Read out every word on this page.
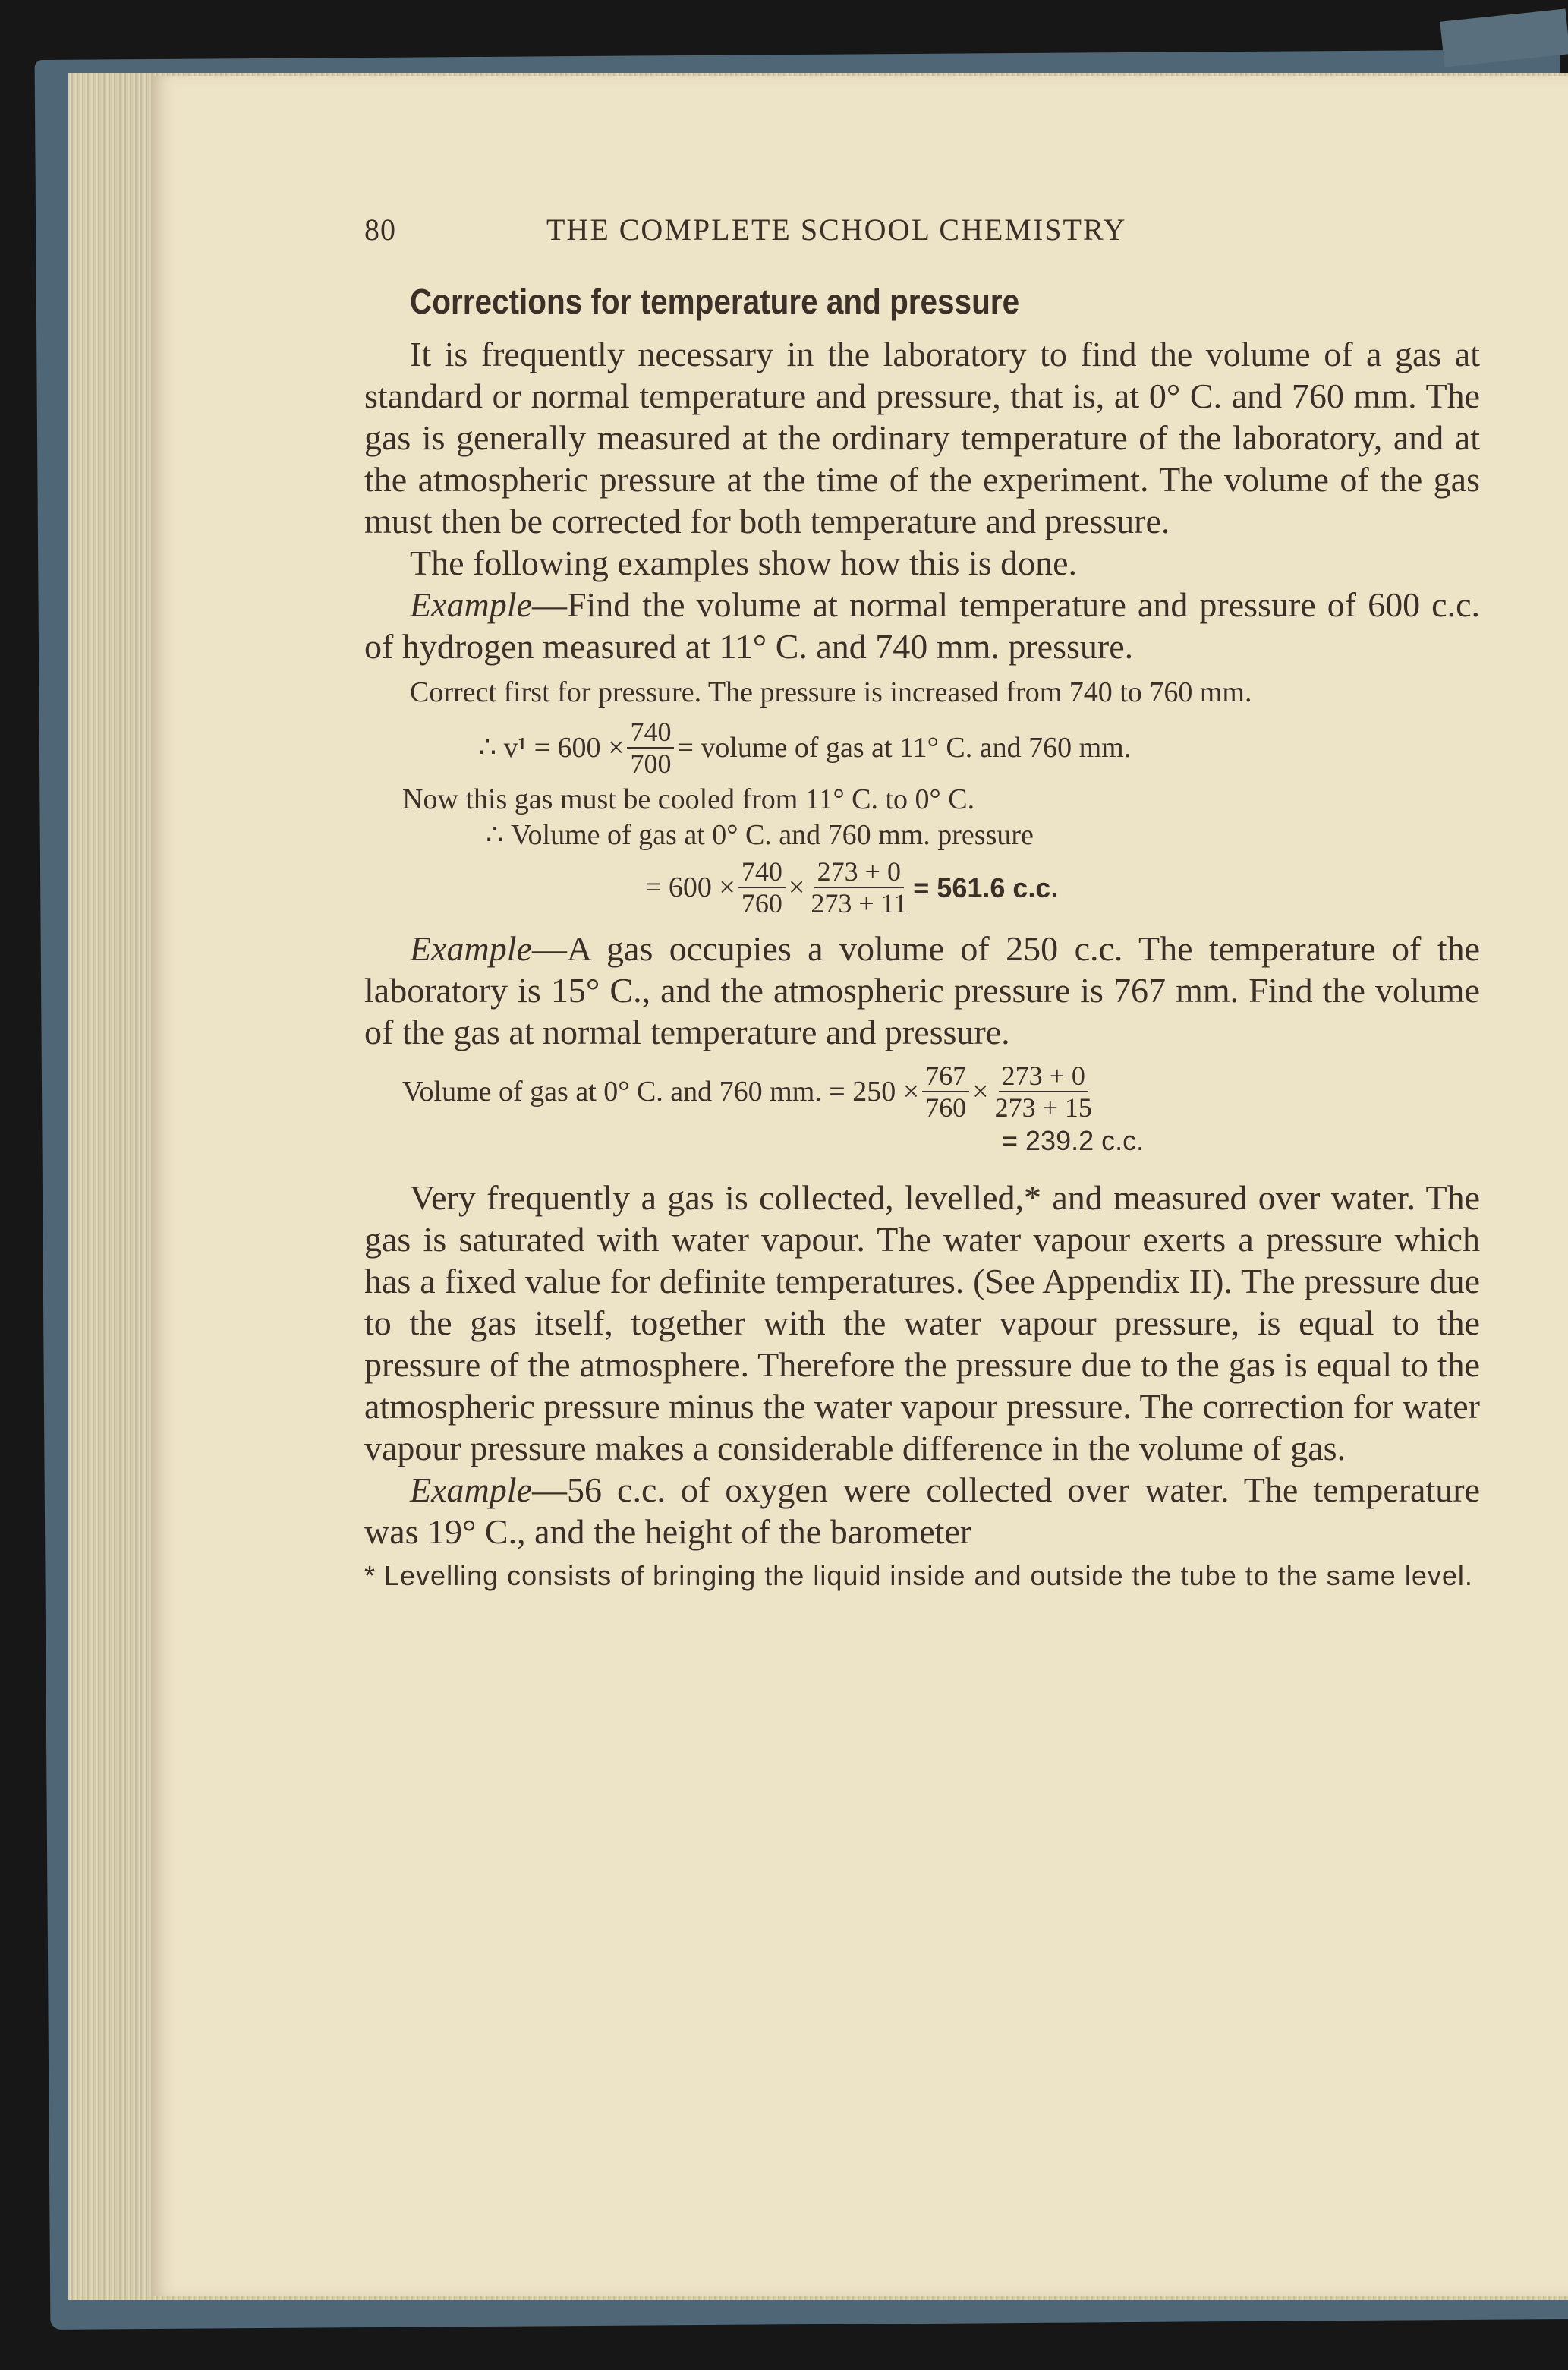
80	THE COMPLETE SCHOOL CHEMISTRY
Corrections for temperature and pressure

It is frequently necessary in the laboratory to find the volume of a gas at standard or normal temperature and pressure, that is, at 0° C. and 760 mm. The gas is generally measured at the ordinary temperature of the laboratory, and at the atmospheric pressure at the time of the experiment. The volume of the gas must then be corrected for both temperature and pressure.

The following examples show how this is done.

Example—Find the volume at normal temperature and pressure of 600 c.c. of hydrogen measured at 11° C. and 740 mm. pressure.

Correct first for pressure. The pressure is increased from 740 to 760 mm.

∴ $v^1 = 600 \times \frac{740}{700}$ = volume of gas at 11° C. and 760 mm.

Now this gas must be cooled from 11° C. to 0° C.

∴ Volume of gas at 0° C. and 760 mm. pressure

= $600 \times \frac{740}{760} \times \frac{273 + 0}{273 + 11} = 561.6$ c.c.

Example—A gas occupies a volume of 250 c.c. The temperature of the laboratory is 15° C., and the atmospheric pressure is 767 mm. Find the volume of the gas at normal temperature and pressure.

Volume of gas at 0° C. and 760 mm. = $250 \times \frac{767}{760} \times \frac{273 + 0}{273 + 15}$
= 239.2 c.c.

Very frequently a gas is collected, levelled,* and measured over water. The gas is saturated with water vapour. The water vapour exerts a pressure which has a fixed value for definite temperatures. (See Appendix II). The pressure due to the gas itself, together with the water vapour pressure, is equal to the pressure of the atmosphere. Therefore the pressure due to the gas is equal to the atmospheric pressure minus the water vapour pressure. The correction for water vapour pressure makes a considerable difference in the volume of gas.

Example—56 c.c. of oxygen were collected over water. The temperature was 19° C., and the height of the barometer

* Levelling consists of bringing the liquid inside and outside the tube to the same level.
